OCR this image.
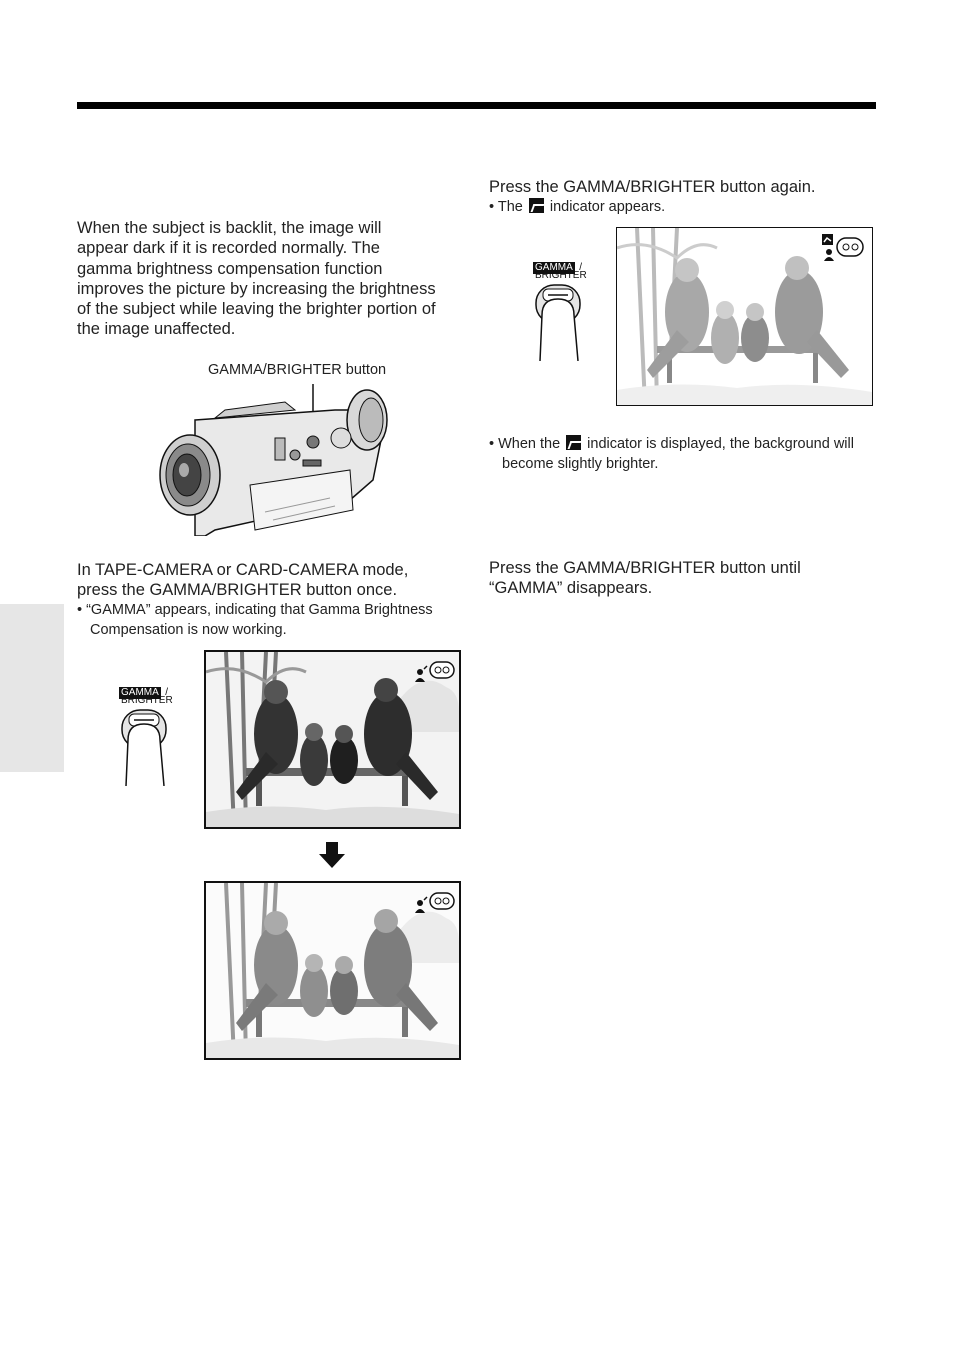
When the subject is backlit, the image will appear dark if it is recorded normally. The gamma brightness compensation function improves the picture by increasing the brightness of the subject while leaving the brighter portion of the image unaffected.
GAMMA/BRIGHTER button
In TAPE-CAMERA or CARD-CAMERA mode, press the GAMMA/BRIGHTER button once.
• “GAMMA” appears, indicating that Gamma Brightness Compensation is now working.
GAMMA /
BRIGHTER
Press the GAMMA/BRIGHTER button again.
• The indicator appears.
GAMMA /
BRIGHTER
• When the indicator is displayed, the background will become slightly brighter.
Press the GAMMA/BRIGHTER button until “GAMMA” disappears.
